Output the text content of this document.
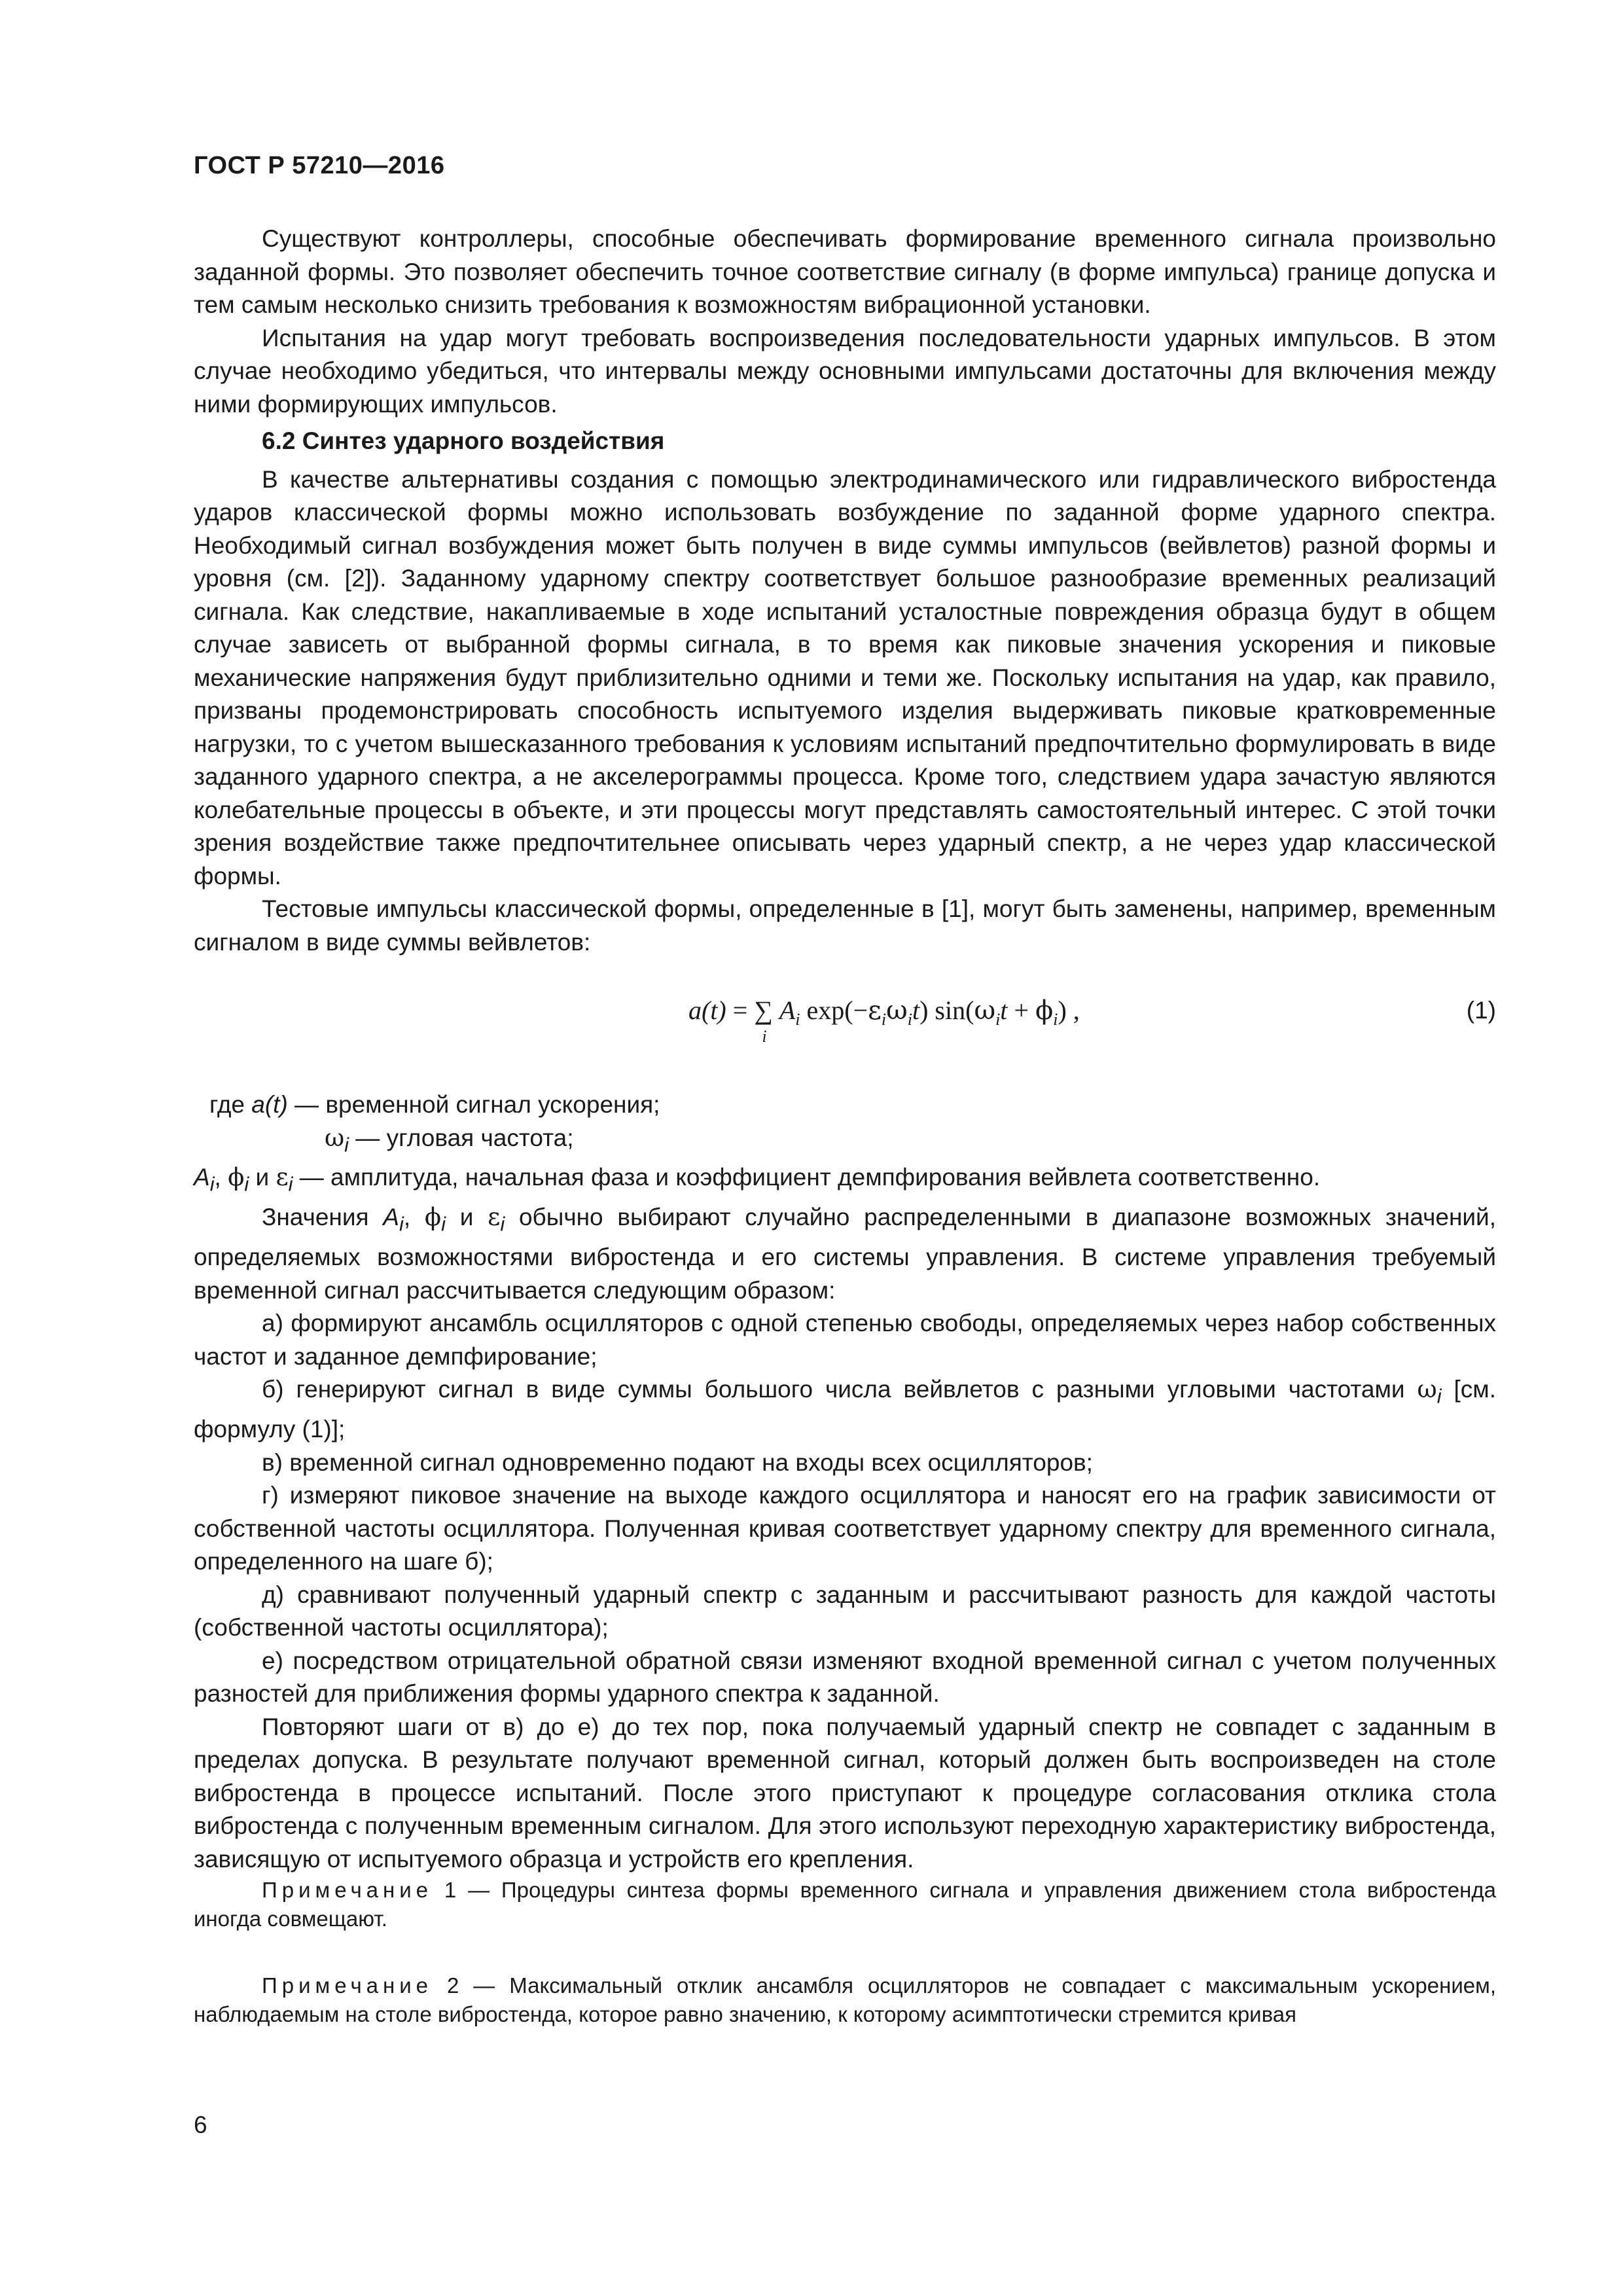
ГОСТ Р 57210—2016

Существуют контроллеры, способные обеспечивать формирование временного сигнала произвольно заданной формы. Это позволяет обеспечить точное соответствие сигналу (в форме импульса) границе допуска и тем самым несколько снизить требования к возможностям вибрационной установки.

Испытания на удар могут требовать воспроизведения последовательности ударных импульсов. В этом случае необходимо убедиться, что интервалы между основными импульсами достаточны для включения между ними формирующих импульсов.

6.2 Синтез ударного воздействия

В качестве альтернативы создания с помощью электродинамического или гидравлического вибростенда ударов классической формы можно использовать возбуждение по заданной форме ударного спектра. Необходимый сигнал возбуждения может быть получен в виде суммы импульсов (вейвлетов) разной формы и уровня (см. [2]). Заданному ударному спектру соответствует большое разнообразие временных реализаций сигнала. Как следствие, накапливаемые в ходе испытаний усталостные повреждения образца будут в общем случае зависеть от выбранной формы сигнала, в то время как пиковые значения ускорения и пиковые механические напряжения будут приблизительно одними и теми же. Поскольку испытания на удар, как правило, призваны продемонстрировать способность испытуемого изделия выдерживать пиковые кратковременные нагрузки, то с учетом вышесказанного требования к условиям испытаний предпочтительно формулировать в виде заданного ударного спектра, а не акселерограммы процесса. Кроме того, следствием удара зачастую являются колебательные процессы в объекте, и эти процессы могут представлять самостоятельный интерес. С этой точки зрения воздействие также предпочтительнее описывать через ударный спектр, а не через удар классической формы.

Тестовые импульсы классической формы, определенные в [1], могут быть заменены, например, временным сигналом в виде суммы вейвлетов:

a(t) = ∑
i
$A_i$ $\exp(-\varepsilon_i\omega_it) \sin(\omega_it + \phi_i)$ ,	(1)
где a(t) — временной сигнал ускорения;
$\omega_i$ — угловая частота;
$A_i$, $\phi_i$ и $\varepsilon_i$ — амплитуда, начальная фаза и коэффициент демпфирования вейвлета соответственно.

Значения $A_i$, $\phi_i$ и $\varepsilon_i$ обычно выбирают случайно распределенными в диапазоне возможных значений, определяемых возможностями вибростенда и его системы управления. В системе управления требуемый временной сигнал рассчитывается следующим образом:

а) формируют ансамбль осцилляторов с одной степенью свободы, определяемых через набор собственных частот и заданное демпфирование;

б) генерируют сигнал в виде суммы большого числа вейвлетов с разными угловыми частотами $\omega_i$ [см. формулу (1)];

в) временной сигнал одновременно подают на входы всех осцилляторов;

г) измеряют пиковое значение на выходе каждого осциллятора и наносят его на график зависимости от собственной частоты осциллятора. Полученная кривая соответствует ударному спектру для временного сигнала, определенного на шаге б);

д) сравнивают полученный ударный спектр с заданным и рассчитывают разность для каждой частоты (собственной частоты осциллятора);

е) посредством отрицательной обратной связи изменяют входной временной сигнал с учетом полученных разностей для приближения формы ударного спектра к заданной.

Повторяют шаги от в) до е) до тех пор, пока получаемый ударный спектр не совпадет с заданным в пределах допуска. В результате получают временной сигнал, который должен быть воспроизведен на столе вибростенда в процессе испытаний. После этого приступают к процедуре согласования отклика стола вибростенда с полученным временным сигналом. Для этого используют переходную характеристику вибростенда, зависящую от испытуемого образца и устройств его крепления.

Примечание 1 — Процедуры синтеза формы временного сигнала и управления движением стола вибростенда иногда совмещают.

Примечание 2 — Максимальный отклик ансамбля осцилляторов не совпадает с максимальным ускорением, наблюдаемым на столе вибростенда, которое равно значению, к которому асимптотически стремится кривая

6
